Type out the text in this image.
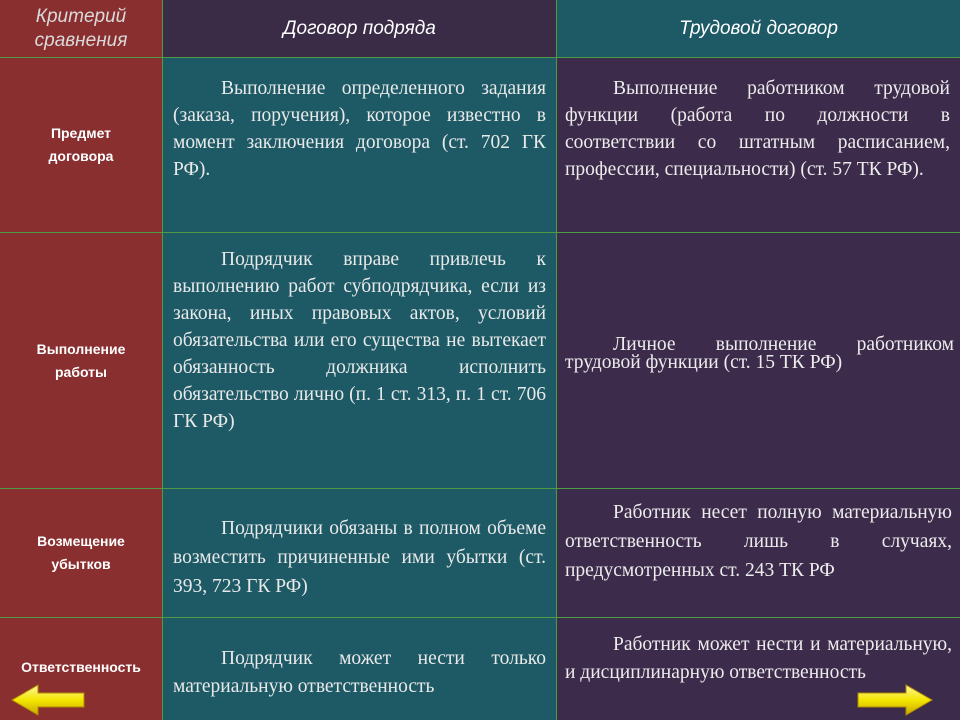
Критерий сравнения
Договор подряда	Трудовой договор
Предмет договора

Выполнение определенного задания (заказа, поручения), которое известно в момент заключения договора (ст. 702 ГК РФ).

Выполнение работником трудовой функции (работа по должности в соответствии со штатным расписанием, профессии, специальности) (ст. 57 ТК РФ).

Выполнение работы

Подрядчик вправе привлечь к выполнению работ субподрядчика, если из закона, иных правовых актов, условий обязательства или его существа не вытекает обязанность должника исполнить обязательство лично (п. 1 ст. 313, п. 1 ст. 706 ГК РФ)

Личное выполнение работником трудовой функции (ст. 15 ТК РФ)

Возмещение убытков

Подрядчики обязаны в полном объеме возместить причиненные ими убытки (ст. 393, 723 ГК РФ)

Работник несет полную материальную ответственность лишь в случаях, предусмотренных ст. 243 ТК РФ

Ответственность	Подрядчик может нести только материальную ответственность

Работник может нести и материальную, и дисциплинарную ответственность
